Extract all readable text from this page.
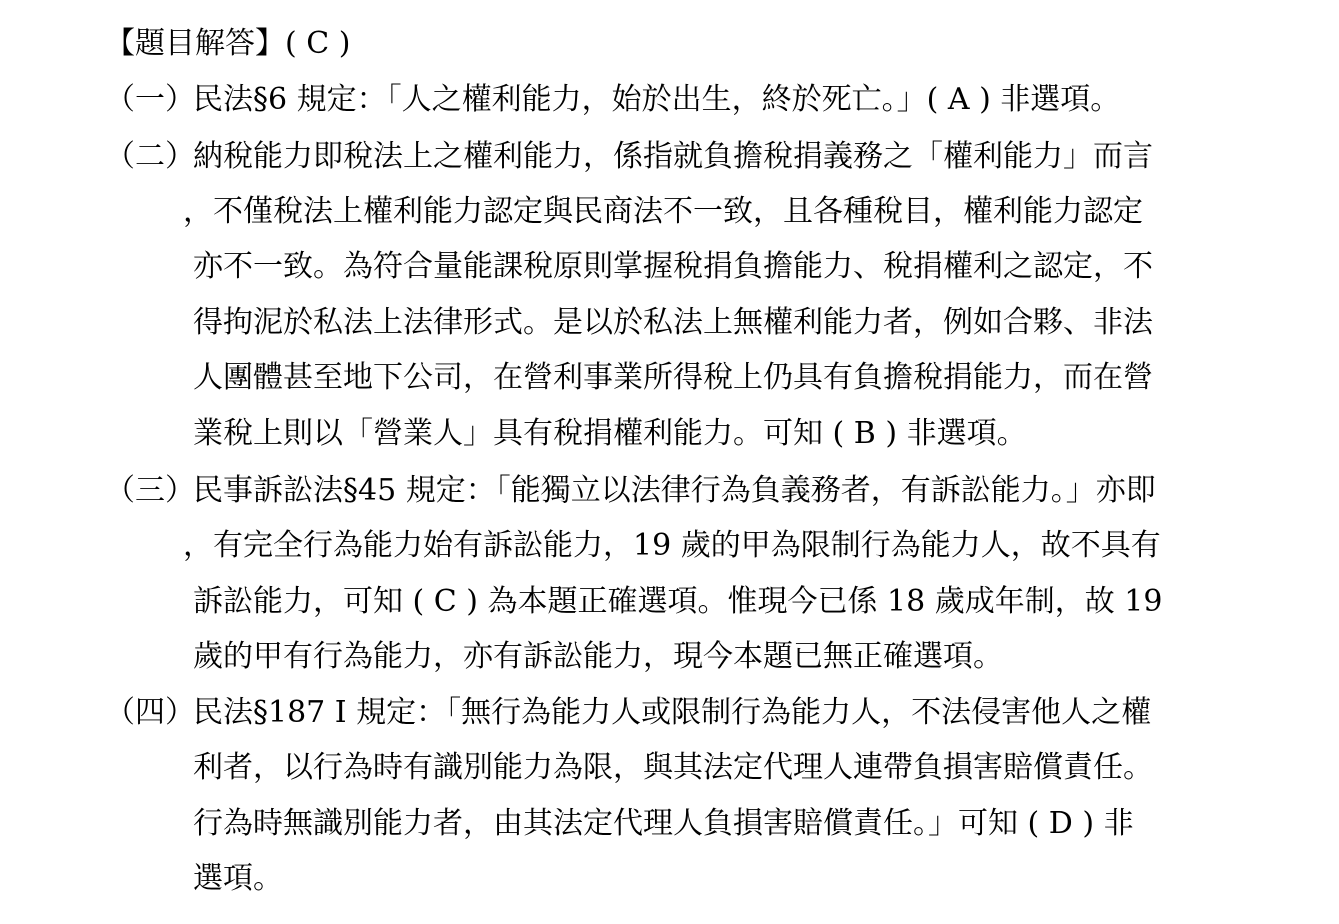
【題目解答】( C )
（一）
民法§6 規定：「人之權利能力，始於出生，終於死亡。」( A ) 非選項。
（二）
納稅能力即稅法上之權利能力，係指就負擔稅捐義務之「權利能力」而言
，不僅稅法上權利能力認定與民商法不一致，且各種稅目，權利能力認定
亦不一致。為符合量能課稅原則掌握稅捐負擔能力、稅捐權利之認定，不
得拘泥於私法上法律形式。是以於私法上無權利能力者，例如合夥、非法
人團體甚至地下公司，在營利事業所得稅上仍具有負擔稅捐能力，而在營
業稅上則以「營業人」具有稅捐權利能力。可知 ( B ) 非選項。
（三）
民事訴訟法§45 規定：「能獨立以法律行為負義務者，有訴訟能力。」亦即
，有完全行為能力始有訴訟能力，19 歲的甲為限制行為能力人，故不具有
訴訟能力，可知 ( C ) 為本題正確選項。惟現今已係 18 歲成年制，故 19
歲的甲有行為能力，亦有訴訟能力，現今本題已無正確選項。
（四）
民法§187 I 規定：「無行為能力人或限制行為能力人，不法侵害他人之權
利者，以行為時有識別能力為限，與其法定代理人連帶負損害賠償責任。
行為時無識別能力者，由其法定代理人負損害賠償責任。」可知 ( D ) 非
選項。
